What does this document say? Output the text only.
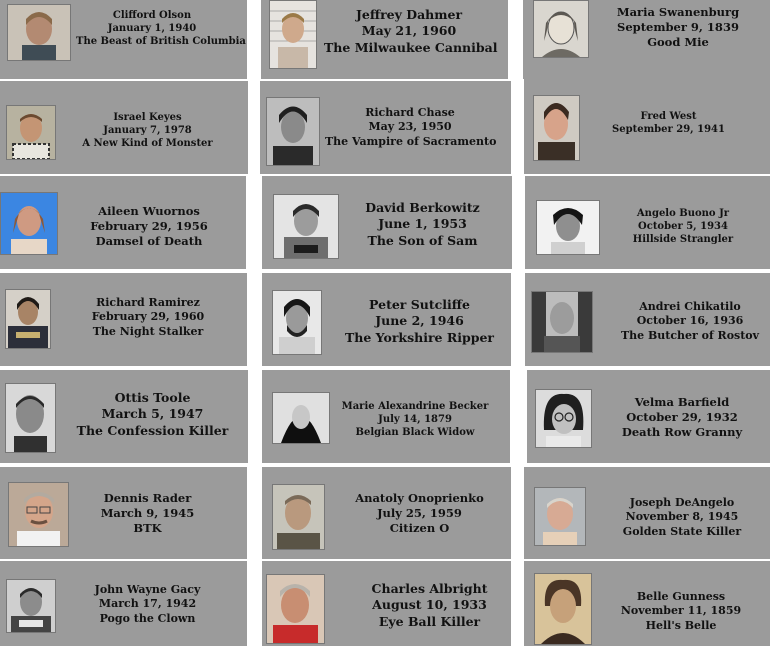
Clifford Olson
January 1, 1940
The Beast of British Columbia
Jeffrey Dahmer
May 21, 1960
The Milwaukee Cannibal
Maria Swanenburg
September 9, 1839
Good Mie
Israel Keyes
January 7, 1978
A New Kind of Monster
Richard Chase
May 23, 1950
The Vampire of Sacramento
Fred West
September 29, 1941
Aileen Wuornos
February 29, 1956
Damsel of Death
David Berkowitz
June 1, 1953
The Son of Sam
Angelo Buono Jr
October 5, 1934
Hillside Strangler
Richard Ramirez
February 29, 1960
The Night Stalker
Peter Sutcliffe
June 2, 1946
The Yorkshire Ripper
Andrei Chikatilo
October 16, 1936
The Butcher of Rostov
Ottis Toole
March 5, 1947
The Confession Killer
Marie Alexandrine Becker
July 14, 1879
Belgian Black Widow
Velma Barfield
October 29, 1932
Death Row Granny
Dennis Rader
March 9, 1945
BTK
Anatoly Onoprienko
July 25, 1959
Citizen O
Joseph DeAngelo
November 8, 1945
Golden State Killer
John Wayne Gacy
March 17, 1942
Pogo the Clown
Charles Albright
August 10, 1933
Eye Ball Killer
Belle Gunness
November 11, 1859
Hell's Belle
